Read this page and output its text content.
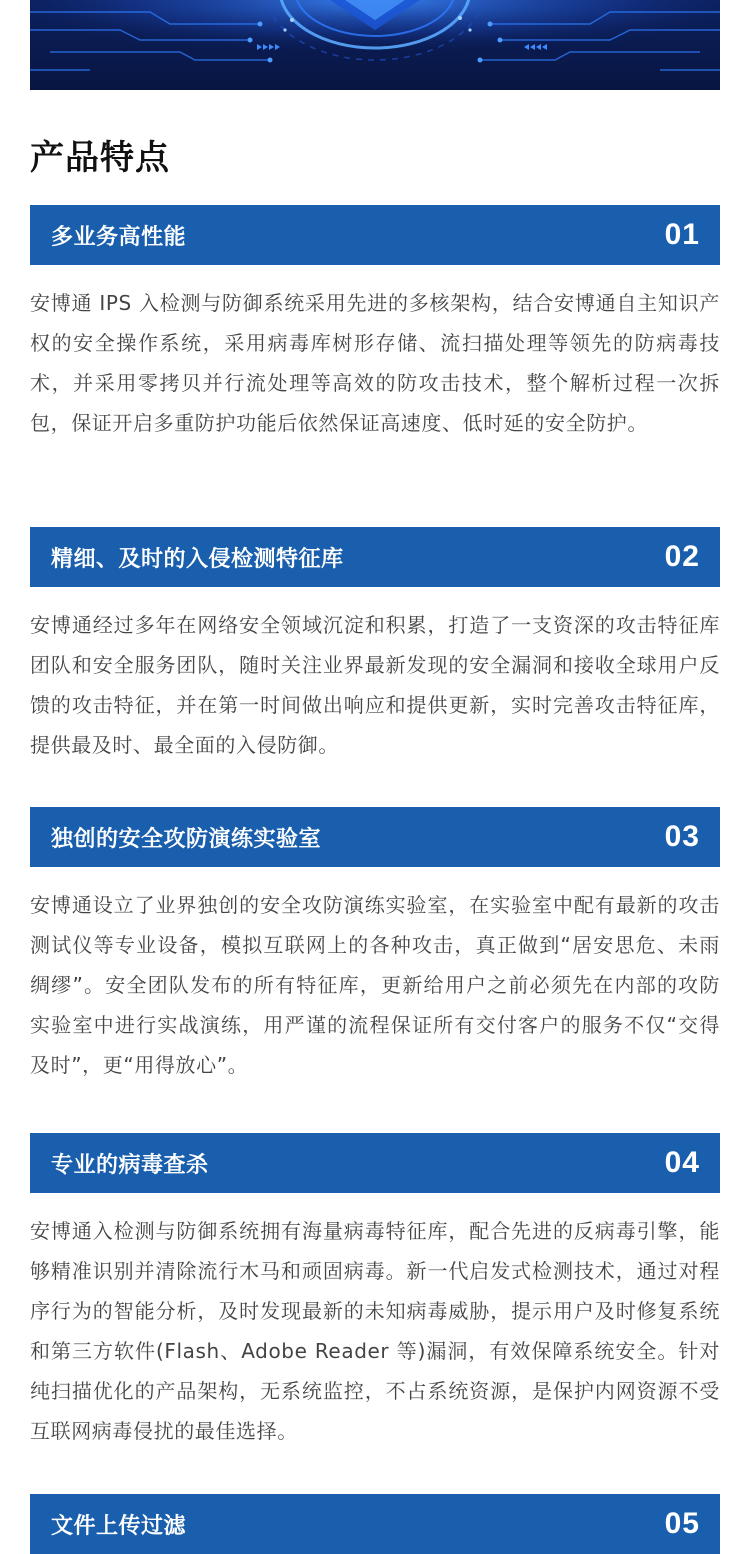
产品特点
多业务高性能	01

安博通 IPS 入检测与防御系统采用先进的多核架构，结合安博通自主知识产权的安全操作系统，采用病毒库树形存储、流扫描处理等领先的防病毒技术，并采用零拷贝并行流处理等高效的防攻击技术，整个解析过程一次拆包，保证开启多重防护功能后依然保证高速度、低时延的安全防护。

精细、及时的入侵检测特征库	02

安博通经过多年在网络安全领域沉淀和积累，打造了一支资深的攻击特征库团队和安全服务团队，随时关注业界最新发现的安全漏洞和接收全球用户反馈的攻击特征，并在第一时间做出响应和提供更新，实时完善攻击特征库，提供最及时、最全面的入侵防御。

独创的安全攻防演练实验室	03

安博通设立了业界独创的安全攻防演练实验室，在实验室中配有最新的攻击测试仪等专业设备，模拟互联网上的各种攻击，真正做到“居安思危、未雨绸缪”。安全团队发布的所有特征库，更新给用户之前必须先在内部的攻防实验室中进行实战演练，用严谨的流程保证所有交付客户的服务不仅“交得及时”，更“用得放心”。

专业的病毒查杀	04

安博通入检测与防御系统拥有海量病毒特征库，配合先进的反病毒引擎，能够精准识别并清除流行木马和顽固病毒。新一代启发式检测技术，通过对程序行为的智能分析，及时发现最新的未知病毒威胁，提示用户及时修复系统和第三方软件(Flash、Adobe Reader 等)漏洞，有效保障系统安全。针对纯扫描优化的产品架构，无系统监控，不占系统资源，是保护内网资源不受互联网病毒侵扰的最佳选择。

文件上传过滤	05
